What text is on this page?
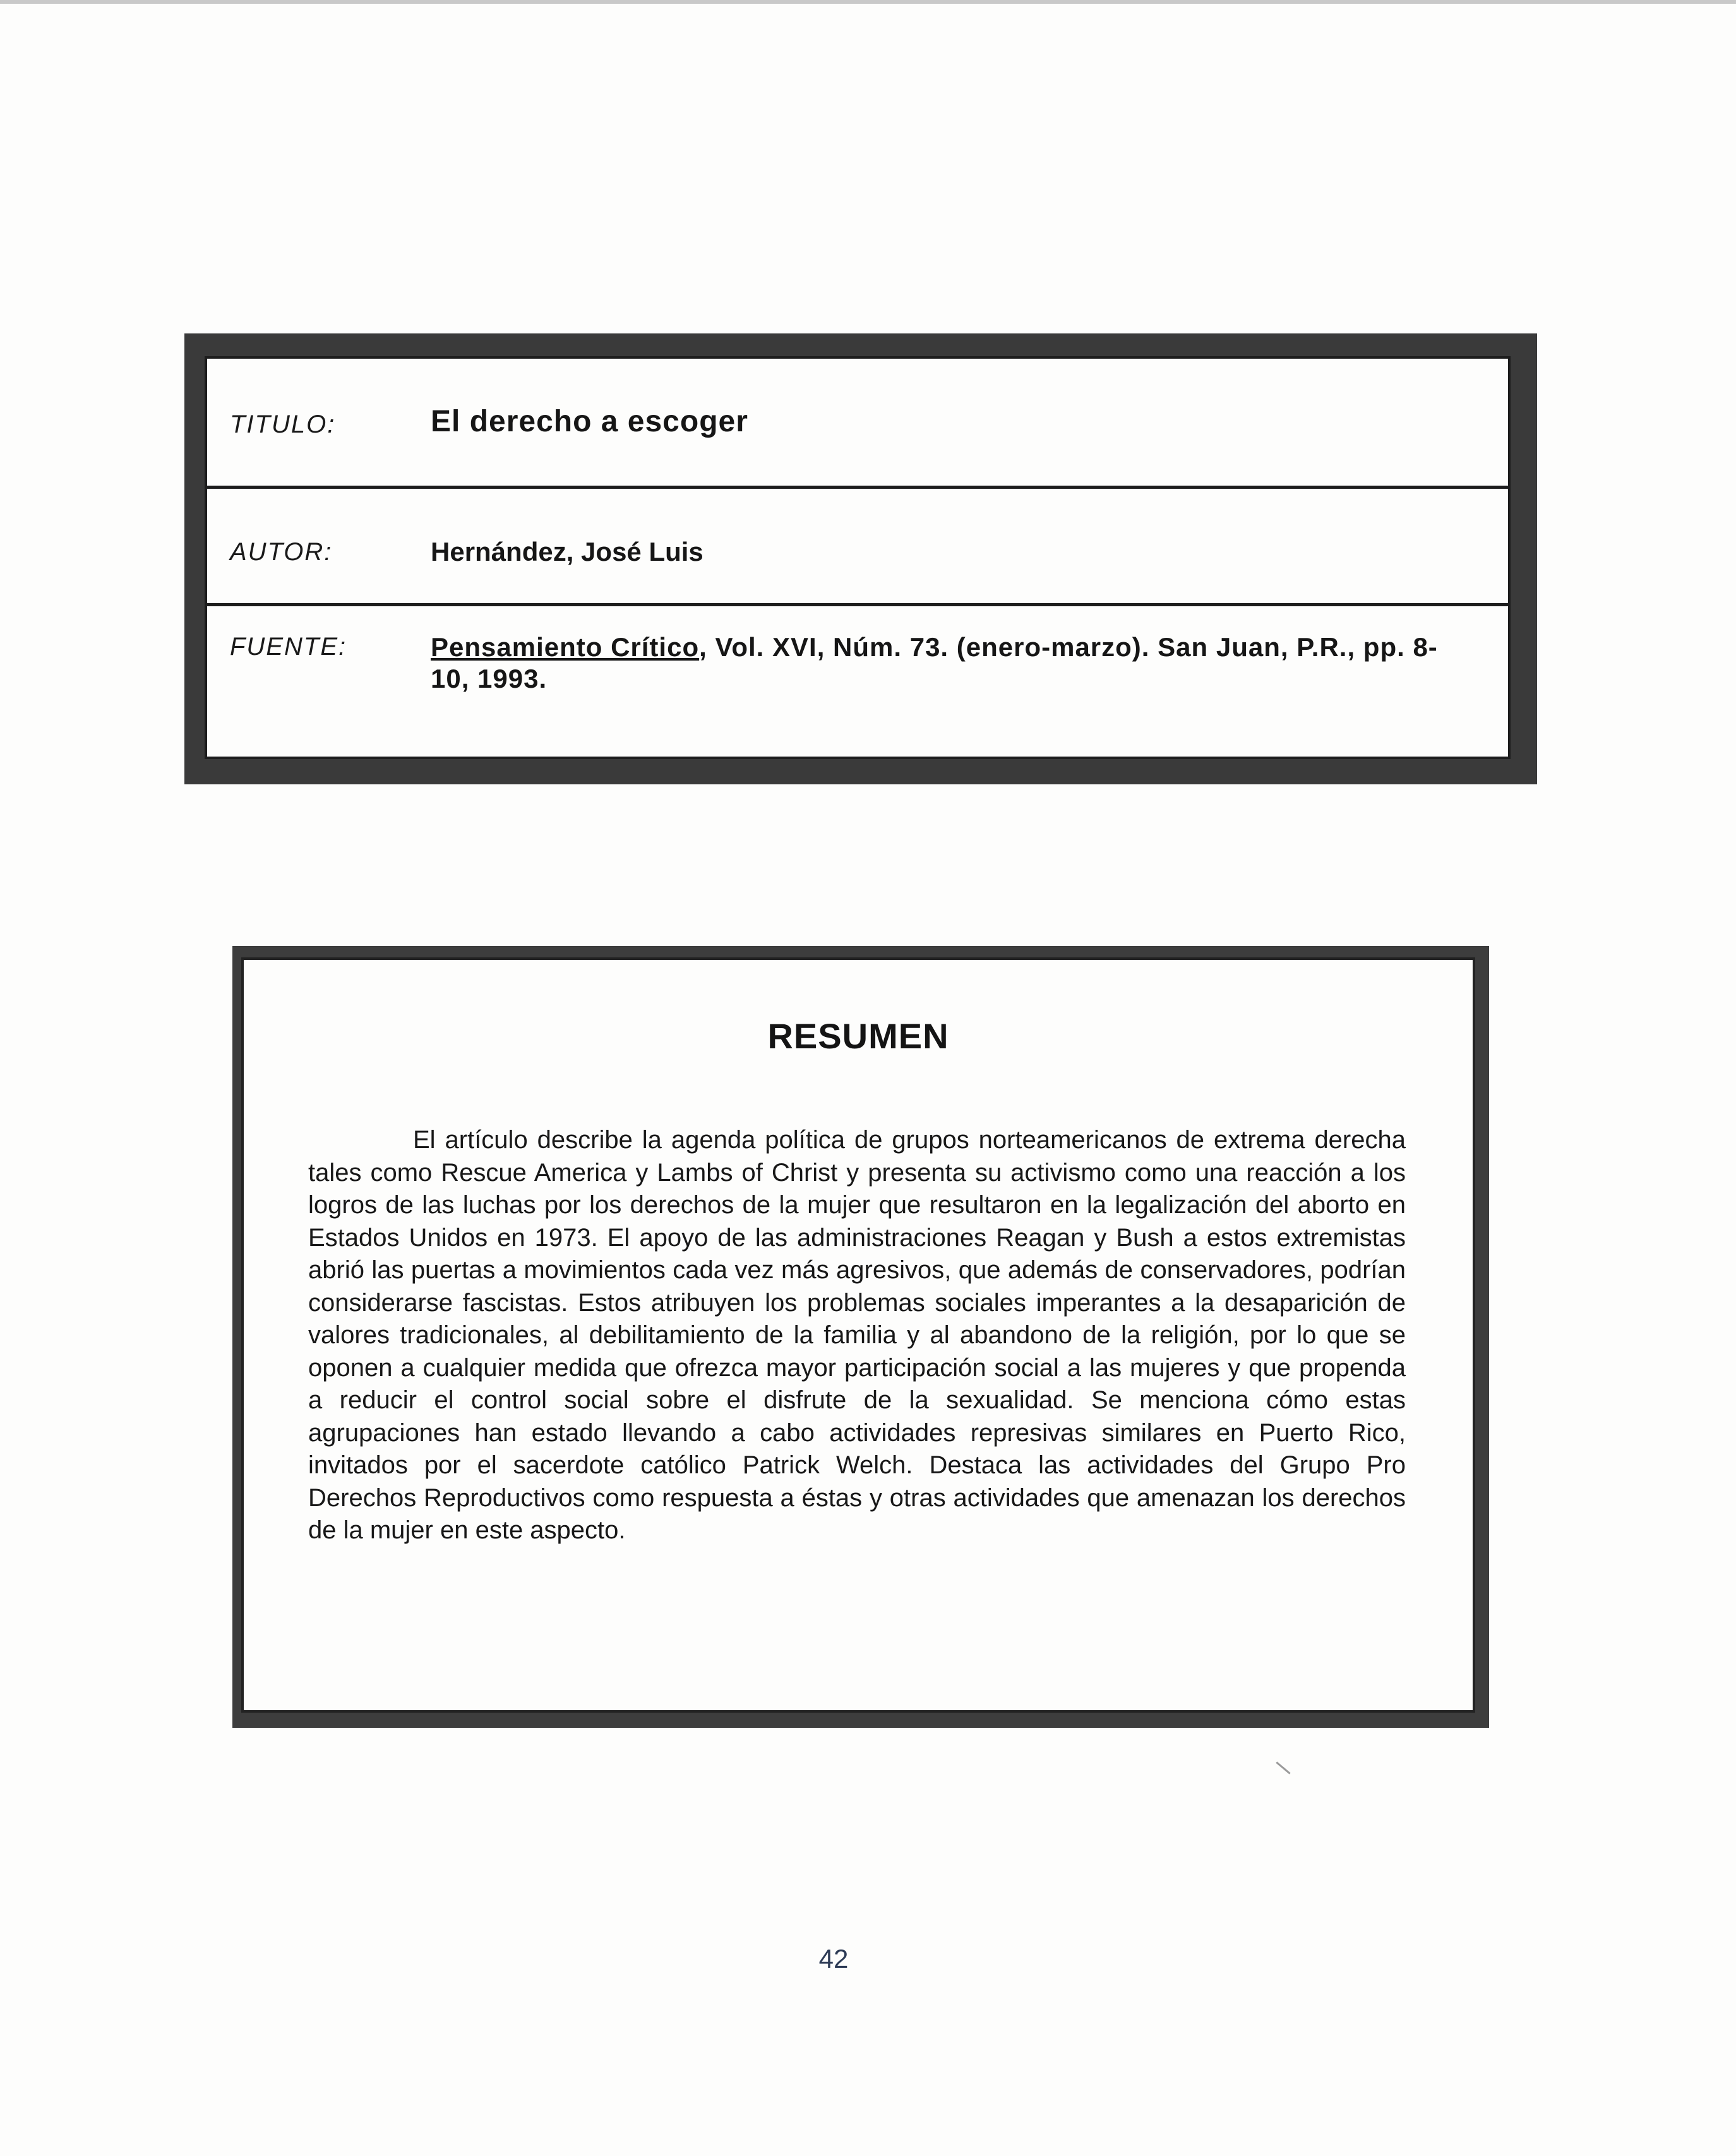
TITULO:	El derecho a escoger
AUTOR:	Hernández, José Luis
FUENTE:	Pensamiento Crítico, Vol. XVI, Núm. 73. (enero-marzo). San Juan, P.R., pp. 8-10, 1993.
RESUMEN

El artículo describe la agenda política de grupos norteamericanos de extrema derecha tales como Rescue America y Lambs of Christ y presenta su activismo como una reacción a los logros de las luchas por los derechos de la mujer que resultaron en la legalización del aborto en Estados Unidos en 1973. El apoyo de las administraciones Reagan y Bush a estos extremistas abrió las puertas a movimientos cada vez más agresivos, que además de conservadores, podrían considerarse fascistas. Estos atribuyen los problemas sociales imperantes a la desaparición de valores tradicionales, al debilitamiento de la familia y al abandono de la religión, por lo que se oponen a cualquier medida que ofrezca mayor participación social a las mujeres y que propenda a reducir el control social sobre el disfrute de la sexualidad. Se menciona cómo estas agrupaciones han estado llevando a cabo actividades represivas similares en Puerto Rico, invitados por el sacerdote católico Patrick Welch. Destaca las actividades del Grupo Pro Derechos Reproductivos como respuesta a éstas y otras actividades que amenazan los derechos de la mujer en este aspecto.

42
